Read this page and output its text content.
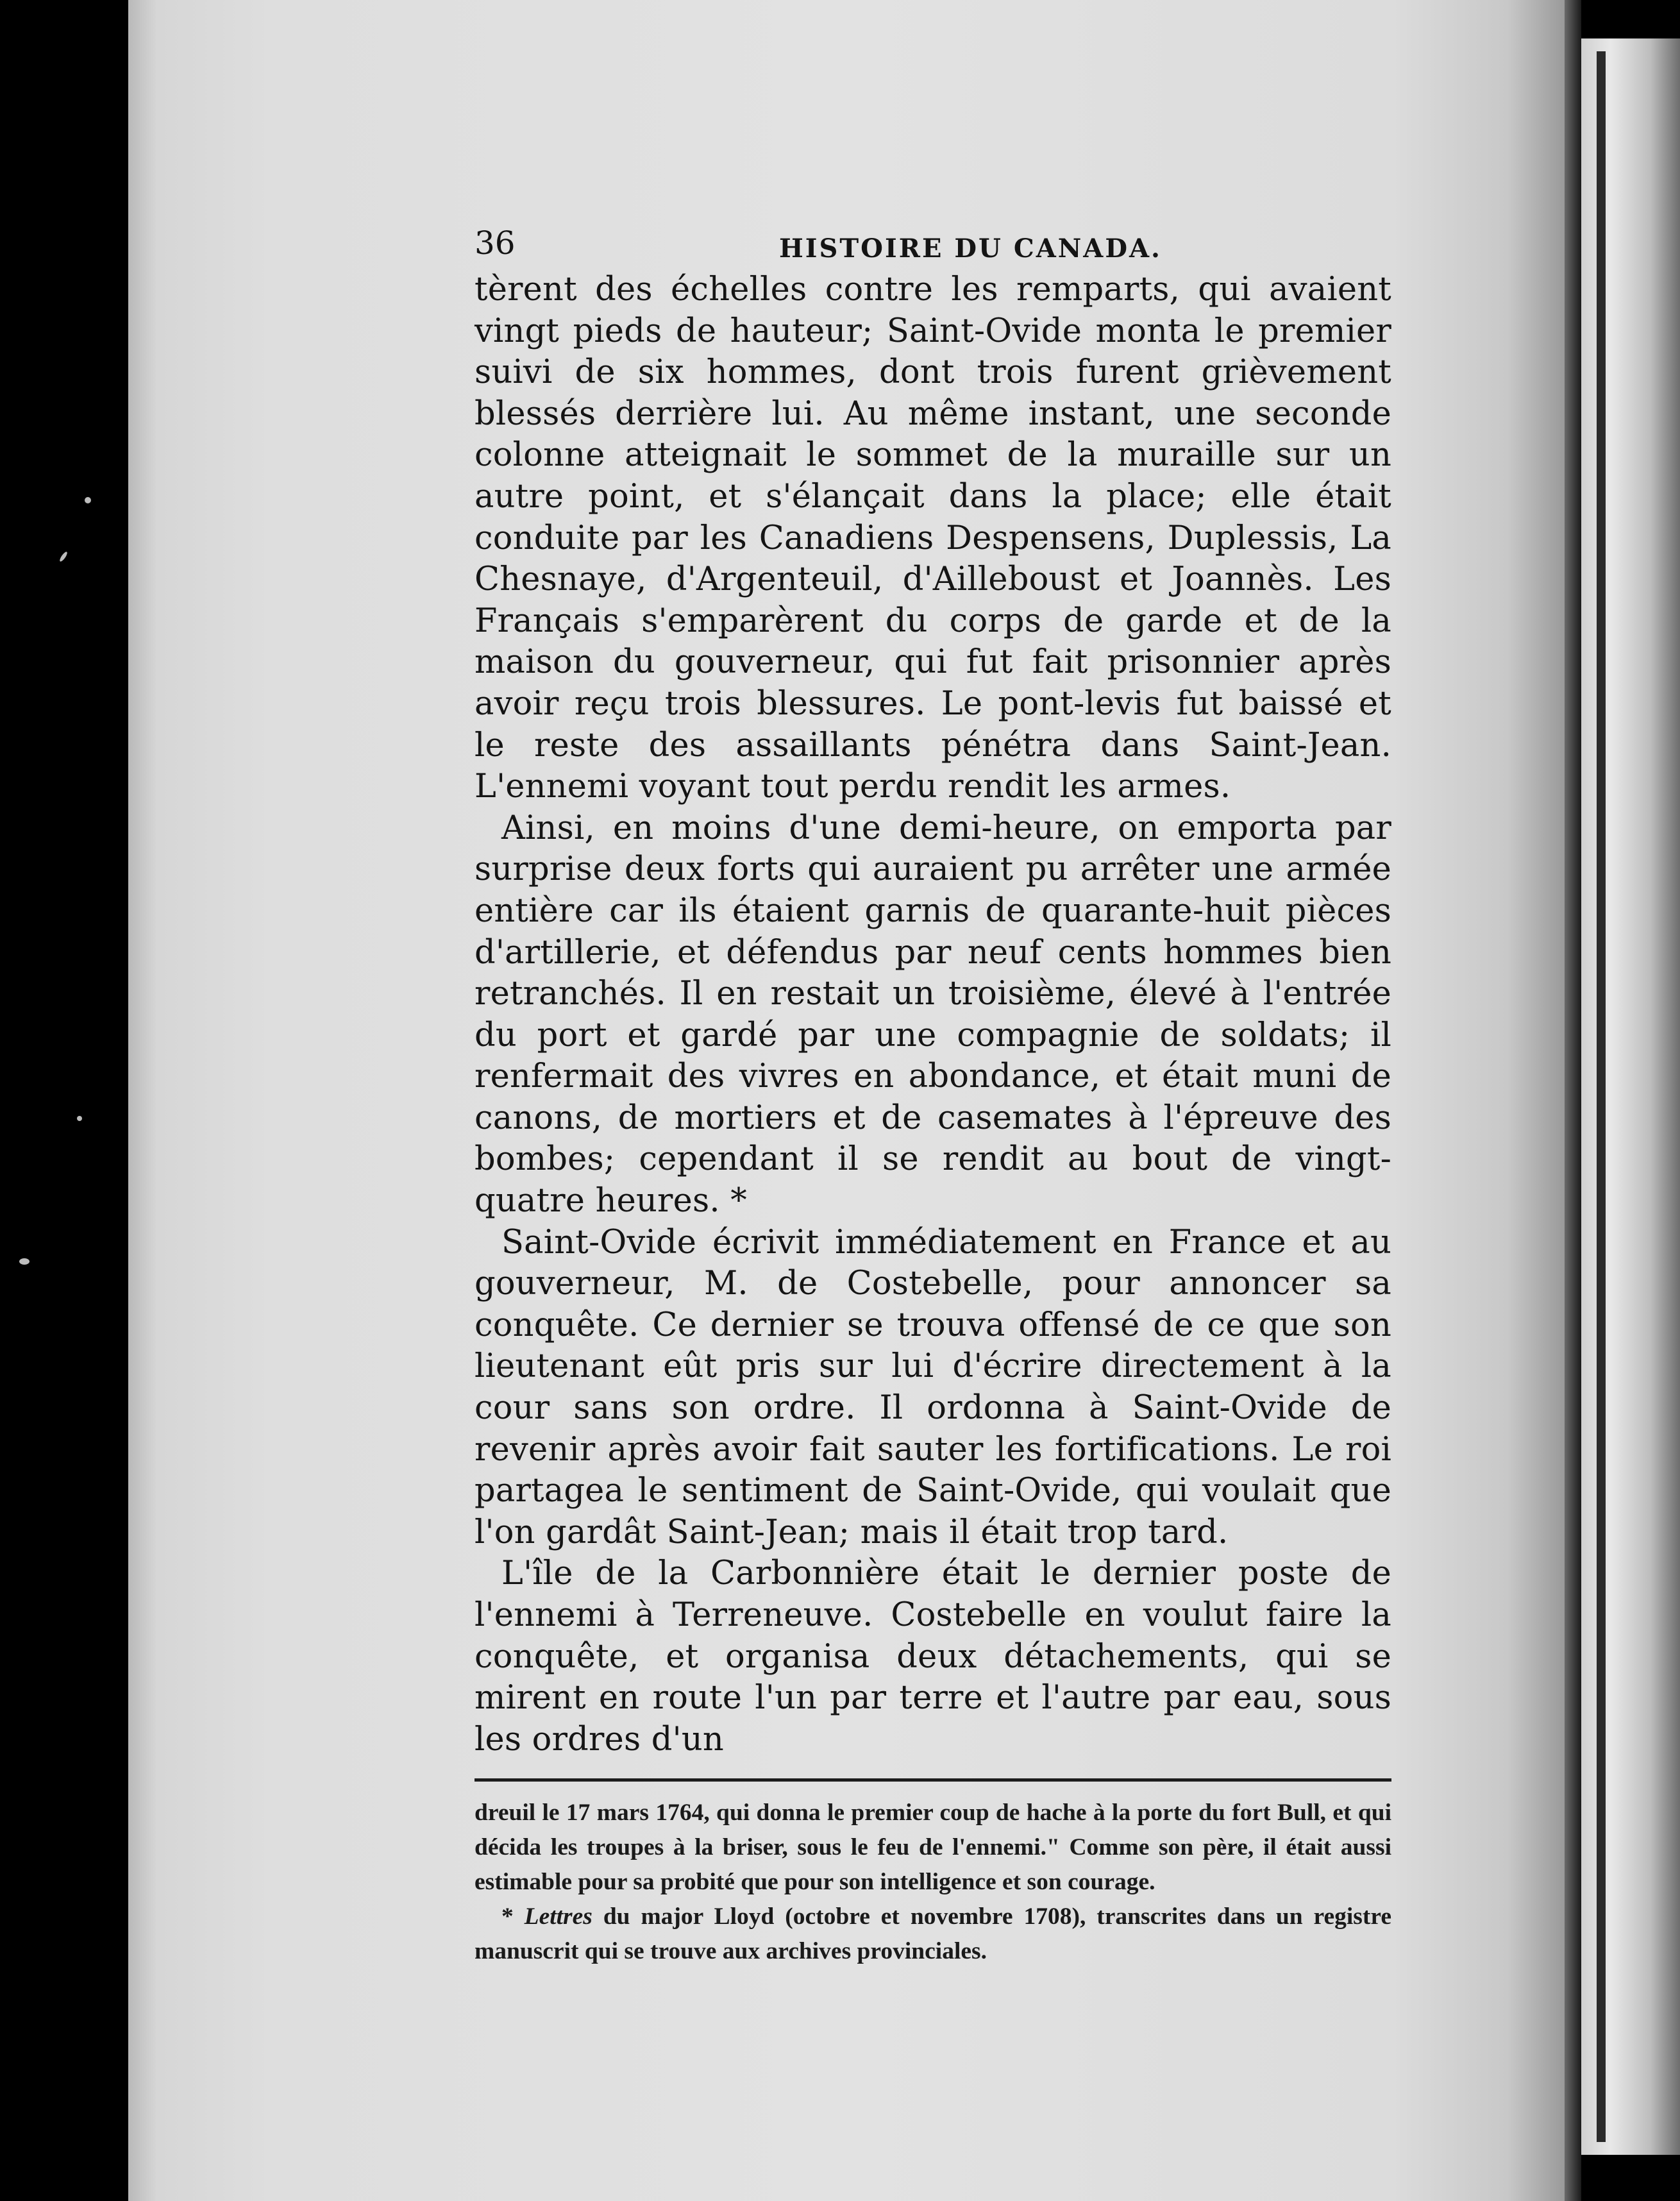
36	HISTOIRE DU CANADA.

tèrent des échelles contre les remparts, qui avaient vingt pieds de hauteur; Saint-Ovide monta le premier suivi de six hommes, dont trois furent grièvement blessés derrière lui. Au même instant, une seconde colonne atteignait le sommet de la muraille sur un autre point, et s'élançait dans la place; elle était conduite par les Canadiens Despensens, Duplessis, La Chesnaye, d'Argenteuil, d'Ailleboust et Joannès. Les Français s'emparèrent du corps de garde et de la maison du gouverneur, qui fut fait prisonnier après avoir reçu trois blessures. Le pont-levis fut baissé et le reste des assaillants pénétra dans Saint-Jean. L'ennemi voyant tout perdu rendit les armes.

Ainsi, en moins d'une demi-heure, on emporta par surprise deux forts qui auraient pu arrêter une armée entière car ils étaient garnis de quarante-huit pièces d'artillerie, et défendus par neuf cents hommes bien retranchés. Il en restait un troisième, élevé à l'entrée du port et gardé par une compagnie de soldats; il renfermait des vivres en abondance, et était muni de canons, de mortiers et de casemates à l'épreuve des bombes; cependant il se rendit au bout de vingt-quatre heures. *

Saint-Ovide écrivit immédiatement en France et au gouverneur, M. de Costebelle, pour annoncer sa conquête. Ce dernier se trouva offensé de ce que son lieutenant eût pris sur lui d'écrire directement à la cour sans son ordre. Il ordonna à Saint-Ovide de revenir après avoir fait sauter les fortifications. Le roi partagea le sentiment de Saint-Ovide, qui voulait que l'on gardât Saint-Jean; mais il était trop tard.

L'île de la Carbonnière était le dernier poste de l'ennemi à Terreneuve. Costebelle en voulut faire la conquête, et organisa deux détachements, qui se mirent en route l'un par terre et l'autre par eau, sous les ordres d'un

dreuil le 17 mars 1764, qui donna le premier coup de hache à la porte du fort Bull, et qui décida les troupes à la briser, sous le feu de l'ennemi." Comme son père, il était aussi estimable pour sa probité que pour son intelligence et son courage.

* Lettres du major Lloyd (octobre et novembre 1708), transcrites dans un registre manuscrit qui se trouve aux archives provinciales.
